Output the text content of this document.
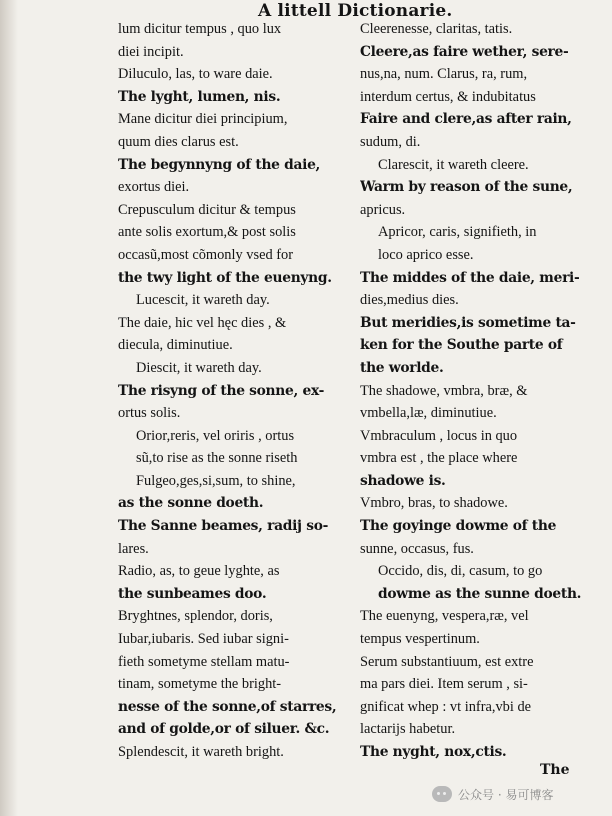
A littell Dictionarie.
lum dicitur tempus , quo lux
diei incipit.
Diluculo, las, to ware daie.
The lyght, lumen, nis.
Mane dicitur diei principium,
quum dies clarus est.
The begynnyng of the daie,
exortus diei.
Crepusculum dicitur & tempus
ante solis exortum,& post solis
occasũ,most cõmonly vsed for
the twy light of the euenyng.
Lucescit, it wareth day.
The daie, hic vel hęc dies , &
diecula, diminutiue.
Diescit, it wareth day.
The risyng of the sonne, ex-
ortus solis.
Orior,reris, vel oriris , ortus
sũ,to rise as the sonne riseth
Fulgeo,ges,si,sum, to shine,
as the sonne doeth.
The Sanne beames, radij so-
lares.
Radio, as, to geue lyghte, as
the sunbeames doo.
Bryghtnes, splendor, doris,
Iubar,iubaris. Sed iubar signi-
fieth sometyme stellam matu-
tinam, sometyme the bright-
nesse of the sonne,of starres,
and of golde,or of siluer. &c.
Splendescit, it wareth bright.
Cleerenesse, claritas, tatis.
Cleere,as faire wether, sere-
nus,na, num. Clarus, ra, rum,
interdum certus, & indubitatus
Faire and clere,as after rain,
sudum, di.
Clarescit, it wareth cleere.
Warm by reason of the sune,
apricus.
Apricor, caris, signifieth, in
loco aprico esse.
The middes of the daie, meri-
dies,medius dies.
But meridies,is sometime ta-
ken for the Southe parte of
the worlde.
The shadowe, vmbra, bræ, &
vmbella,læ, diminutiue.
Vmbraculum , locus in quo
vmbra est , the place where
shadowe is.
Vmbro, bras, to shadowe.
The goyinge dowme of the
sunne, occasus, fus.
Occido, dis, di, casum, to go
dowme as the sunne doeth.
The euenyng, vespera,ræ, vel
tempus vespertinum.
Serum substantiuum, est extre
ma pars diei. Item serum , si-
gnificat whep : vt infra,vbi de
lactarijs habetur.
The nyght, nox,ctis.
The
公众号 · 易可博客
